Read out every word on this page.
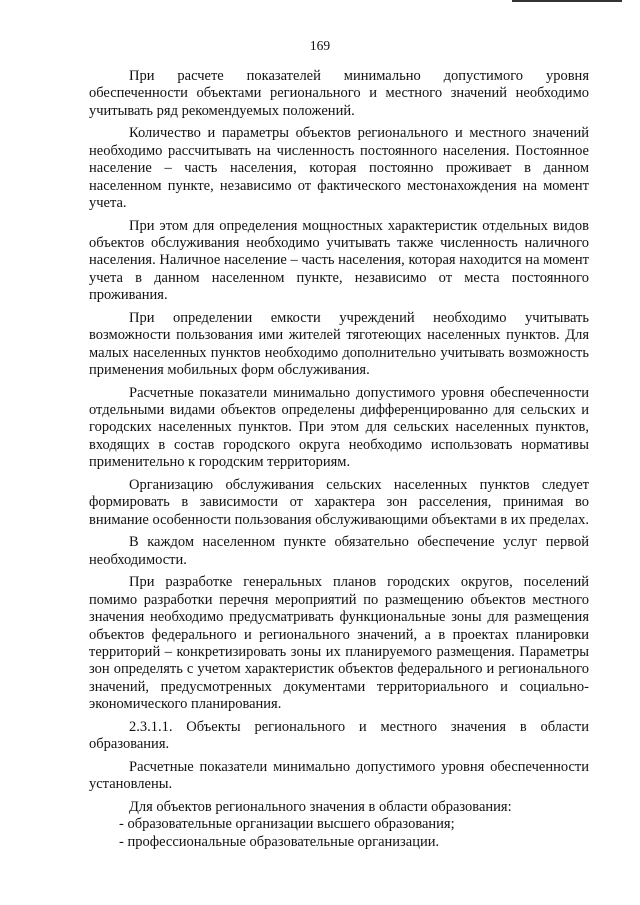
169

При расчете показателей минимально допустимого уровня обеспеченности объектами регионального и местного значений необходимо учитывать ряд рекомендуемых положений.

Количество и параметры объектов регионального и местного значений необходимо рассчитывать на численность постоянного населения. Постоянное население – часть населения, которая постоянно проживает в данном населенном пункте, независимо от фактического местонахождения на момент учета.

При этом для определения мощностных характеристик отдельных видов объектов обслуживания необходимо учитывать также численность наличного населения. Наличное население – часть населения, которая находится на момент учета в данном населенном пункте, независимо от места постоянного проживания.

При определении емкости учреждений необходимо учитывать возможности пользования ими жителей тяготеющих населенных пунктов. Для малых населенных пунктов необходимо дополнительно учитывать возможность применения мобильных форм обслуживания.

Расчетные показатели минимально допустимого уровня обеспеченности отдельными видами объектов определены дифференцированно для сельских и городских населенных пунктов. При этом для сельских населенных пунктов, входящих в состав городского округа необходимо использовать нормативы применительно к городским территориям.

Организацию обслуживания сельских населенных пунктов следует формировать в зависимости от характера зон расселения, принимая во внимание особенности пользования обслуживающими объектами в их пределах.

В каждом населенном пункте обязательно обеспечение услуг первой необходимости.

При разработке генеральных планов городских округов, поселений помимо разработки перечня мероприятий по размещению объектов местного значения необходимо предусматривать функциональные зоны для размещения объектов федерального и регионального значений, а в проектах планировки территорий – конкретизировать зоны их планируемого размещения. Параметры зон определять с учетом характеристик объектов федерального и регионального значений, предусмотренных документами территориального и социально-экономического планирования.

2.3.1.1. Объекты регионального и местного значения в области образования.

Расчетные показатели минимально допустимого уровня обеспеченности установлены.

Для объектов регионального значения в области образования:

- образовательные организации высшего образования;

- профессиональные образовательные организации.
